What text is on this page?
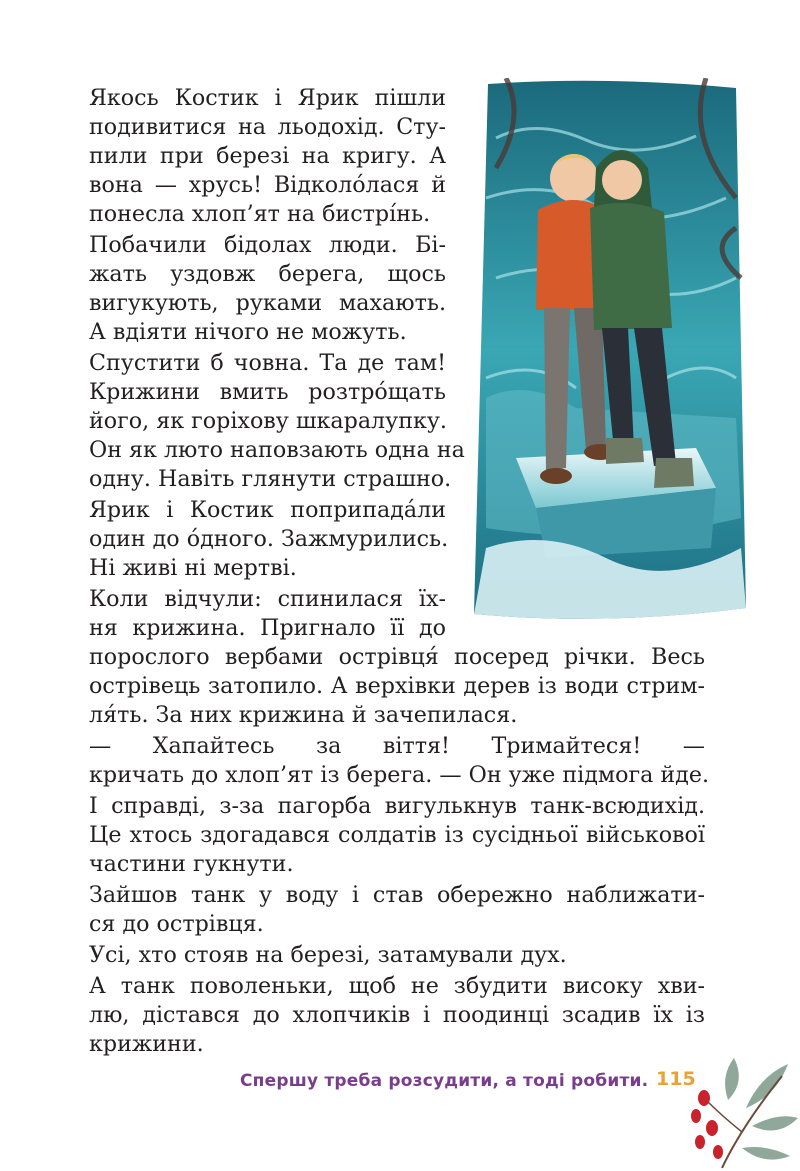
Якось Костик і Ярик пішли
подивитися на льодохід. Сту-
пили при березі на кригу. А
вона — хрусь! Відколо́лася й
понесла хлоп’ят на бистрі́нь.

Побачили бідолах люди. Бі-
жать уздовж берега, щось
вигукують, руками махають.
А вдіяти нічого не можуть.

Спустити б човна. Та де там!
Крижини вмить розтро́щать
його, як горіхову шкаралупку.
Он як люто наповзають одна на
одну. Навіть глянути страшно.

Ярик і Костик поприпада́ли
один до о́дного. Зажмурились.
Ні живі ні мертві.

Коли відчули: спинилася їх-
ня крижина. Пригнало її до
порослого вербами острівця́ посеред річки. Весь
острівець затопило. А верхівки дерев із води стрим-
ля́ть. За них крижина й зачепилася.

— Хапайтесь за віття! Тримайтеся! —
кричать до хлоп’ят із берега. — Он уже підмога йде.

І справді, з-за пагорба вигулькнув танк-всюдихід.
Це хтось здогадався солдатів із сусідньої військової
частини гукнути.

Зайшов танк у воду і став обережно наближати-
ся до острівця.

Усі, хто стояв на березі, затамували дух.

А танк поволеньки, щоб не збудити високу хви-
лю, дістався до хлопчиків і поодинці зсадив їх із
крижини.

Спершу треба розсудити, а тоді робити. 115
